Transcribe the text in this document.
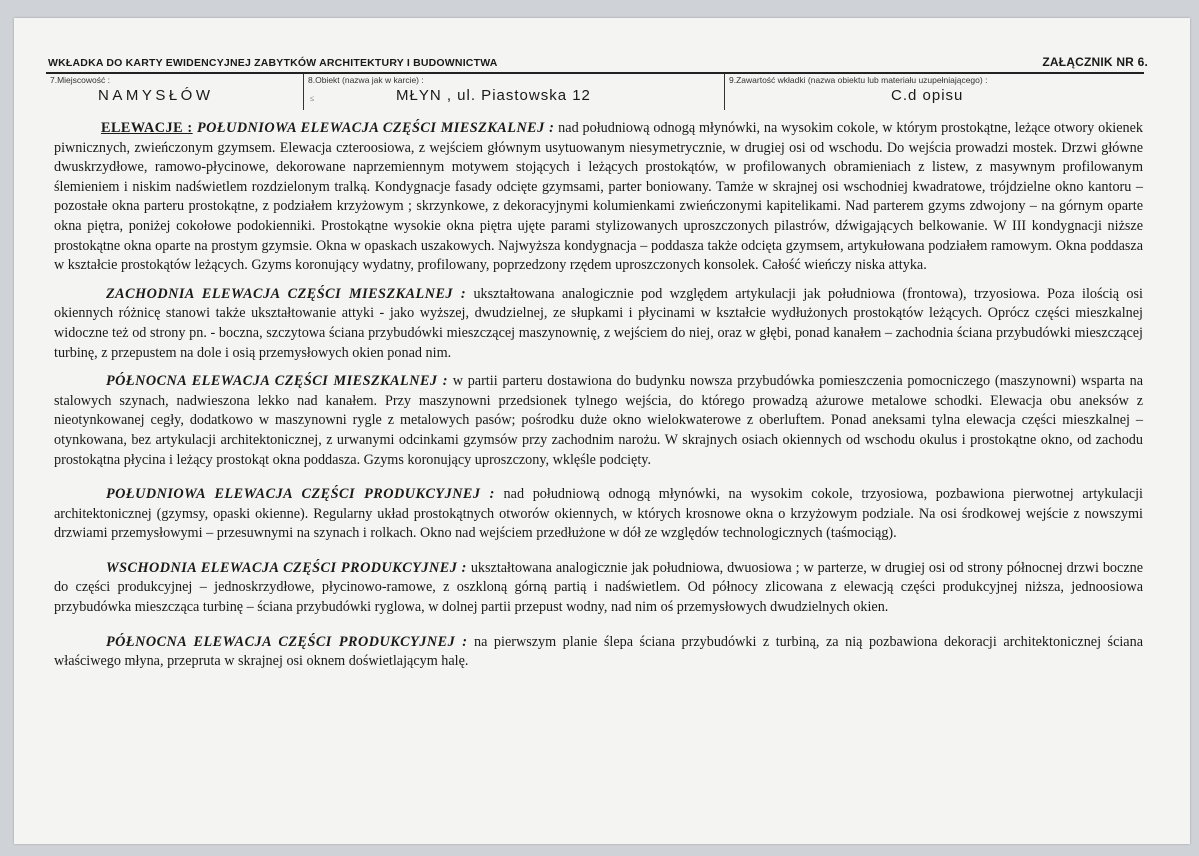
WKŁADKA DO KARTY EWIDENCYJNEJ ZABYTKÓW ARCHITEKTURY I BUDOWNICTWA	ZAŁĄCZNIK NR 6.
7.Miejscowość :
NAMYSŁÓW
8.Obiekt (nazwa jak w karcie) :
≤	MŁYN , ul. Piastowska 12
9.Zawartość wkładki (nazwa obiektu lub materiału uzupełniającego) :
C.d opisu

ELEWACJE : POŁUDNIOWA ELEWACJA CZĘŚCI MIESZKALNEJ : nad południową odnogą młynówki, na wysokim cokole, w którym prostokątne, leżące otwory okienek piwnicznych, zwieńczonym gzymsem. Elewacja czteroosiowa, z wejściem głównym usytuowanym niesymetrycznie, w drugiej osi od wschodu. Do wejścia prowadzi mostek. Drzwi główne dwuskrzydłowe, ramowo-płycinowe, dekorowane naprzemiennym motywem stojących i leżących prostokątów, w profilowanych obramieniach z listew, z masywnym profilowanym ślemieniem i niskim nadświetlem rozdzielonym tralką. Kondygnacje fasady odcięte gzymsami, parter boniowany. Tamże w skrajnej osi wschodniej kwadratowe, trójdzielne okno kantoru – pozostałe okna parteru prostokątne, z podziałem krzyżowym ; skrzynkowe, z dekoracyjnymi kolumienkami zwieńczonymi kapitelikami. Nad parterem gzyms zdwojony – na górnym oparte okna piętra, poniżej cokołowe podokienniki. Prostokątne wysokie okna piętra ujęte parami stylizowanych uproszczonych pilastrów, dźwigających belkowanie. W III kondygnacji niższe prostokątne okna oparte na prostym gzymsie. Okna w opaskach uszakowych. Najwyższa kondygnacja – poddasza także odcięta gzymsem, artykułowana podziałem ramowym. Okna poddasza w kształcie prostokątów leżących. Gzyms koronujący wydatny, profilowany, poprzedzony rzędem uproszczonych konsolek. Całość wieńczy niska attyka.

ZACHODNIA ELEWACJA CZĘŚCI MIESZKALNEJ : ukształtowana analogicznie pod względem artykulacji jak południowa (frontowa), trzyosiowa. Poza ilością osi okiennych różnicę stanowi także ukształtowanie attyki - jako wyższej, dwudzielnej, ze słupkami i płycinami w kształcie wydłużonych prostokątów leżących. Oprócz części mieszkalnej widoczne też od strony pn. - boczna, szczytowa ściana przybudówki mieszczącej maszynownię, z wejściem do niej, oraz w głębi, ponad kanałem – zachodnia ściana przybudówki mieszczącej turbinę, z przepustem na dole i osią przemysłowych okien ponad nim.

PÓŁNOCNA ELEWACJA CZĘŚCI MIESZKALNEJ : w partii parteru dostawiona do budynku nowsza przybudówka pomieszczenia pomocniczego (maszynowni) wsparta na stalowych szynach, nadwieszona lekko nad kanałem. Przy maszynowni przedsionek tylnego wejścia, do którego prowadzą ażurowe metalowe schodki. Elewacja obu aneksów z nieotynkowanej cegły, dodatkowo w maszynowni rygle z metalowych pasów; pośrodku duże okno wielokwaterowe z oberluftem. Ponad aneksami tylna elewacja części mieszkalnej – otynkowana, bez artykulacji architektonicznej, z urwanymi odcinkami gzymsów przy zachodnim narożu. W skrajnych osiach okiennych od wschodu okulus i prostokątne okno, od zachodu prostokątna płycina i leżący prostokąt okna poddasza. Gzyms koronujący uproszczony, wklęśle podcięty.

POŁUDNIOWA ELEWACJA CZĘŚCI PRODUKCYJNEJ : nad południową odnogą młynówki, na wysokim cokole, trzyosiowa, pozbawiona pierwotnej artykulacji architektonicznej (gzymsy, opaski okienne). Regularny układ prostokątnych otworów okiennych, w których krosnowe okna o krzyżowym podziale. Na osi środkowej wejście z nowszymi drzwiami przemysłowymi – przesuwnymi na szynach i rolkach. Okno nad wejściem przedłużone w dół ze względów technologicznych (taśmociąg).

WSCHODNIA ELEWACJA CZĘŚCI PRODUKCYJNEJ : ukształtowana analogicznie jak południowa, dwuosiowa ; w parterze, w drugiej osi od strony północnej drzwi boczne do części produkcyjnej – jednoskrzydłowe, płycinowo-ramowe, z oszkloną górną partią i nadświetlem. Od północy zlicowana z elewacją części produkcyjnej niższa, jednoosiowa przybudówka mieszcząca turbinę – ściana przybudówki ryglowa, w dolnej partii przepust wodny, nad nim oś przemysłowych dwudzielnych okien.

PÓŁNOCNA ELEWACJA CZĘŚCI PRODUKCYJNEJ : na pierwszym planie ślepa ściana przybudówki z turbiną, za nią pozbawiona dekoracji architektonicznej ściana właściwego młyna, przepruta w skrajnej osi oknem doświetlającym halę.
